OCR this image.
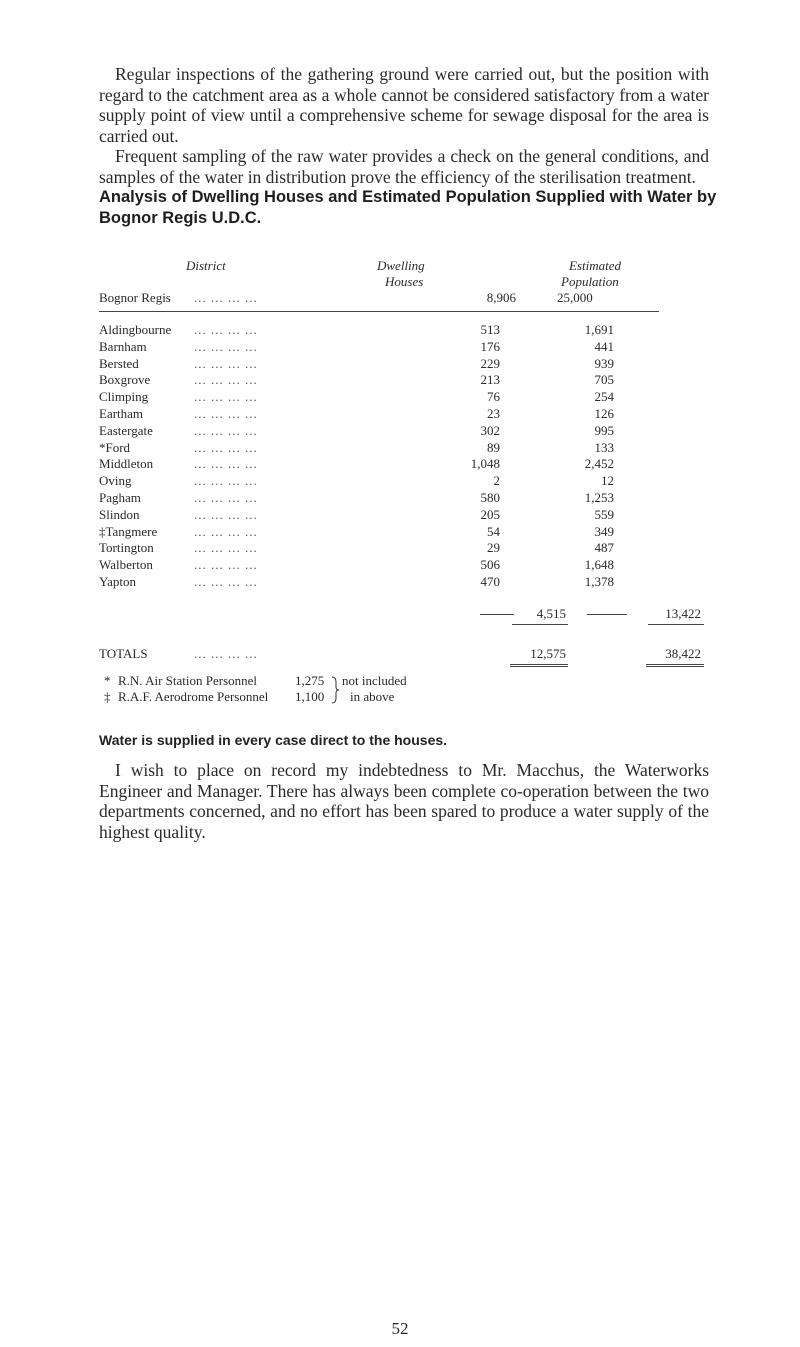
Regular inspections of the gathering ground were carried out, but the position with regard to the catchment area as a whole cannot be considered satisfactory from a water supply point of view until a comprehensive scheme for sewage disposal for the area is carried out.

Frequent sampling of the raw water provides a check on the general conditions, and samples of the water in distribution prove the efficiency of the sterilisation treatment.

Analysis of Dwelling Houses and Estimated Population Supplied with Water by Bognor Regis U.D.C.

District	Dwelling
Houses
Estimated
Population
Bognor Regis ... ... ... ...	8,906	25,000
Aldingbourne ... ... ... ...	513	1,691
Barnham	... ... ... ...	176	441
Bersted	... ... ... ...	229	939
Boxgrove	... ... ... ...	213	705
Climping	... ... ... ...	76	254
Eartham	... ... ... ...	23	126
Eastergate	... ... ... ...	302	995
*Ford	... ... ... ...	89	133
Middleton	... ... ... ...	1,048	2,452
Oving	... ... ... ...	2	12
Pagham	... ... ... ...	580	1,253
Slindon	... ... ... ...	205	559
‡Tangmere	... ... ... ...	54	349
Tortington	... ... ... ...	29	487
Walberton	... ... ... ...	506	1,648
Yapton	... ... ... ...	470	1,378
4,515	13,422
TOTALS	... ... ... ...	12,575	38,422
* R.N. Air Station Personnel	1,275
‡ R.A.F. Aerodrome Personnel 1,100
not included
in above
Water is supplied in every case direct to the houses.

I wish to place on record my indebtedness to Mr. Macchus, the Waterworks Engineer and Manager. There has always been complete co-operation between the two departments concerned, and no effort has been spared to produce a water supply of the highest quality.

52
